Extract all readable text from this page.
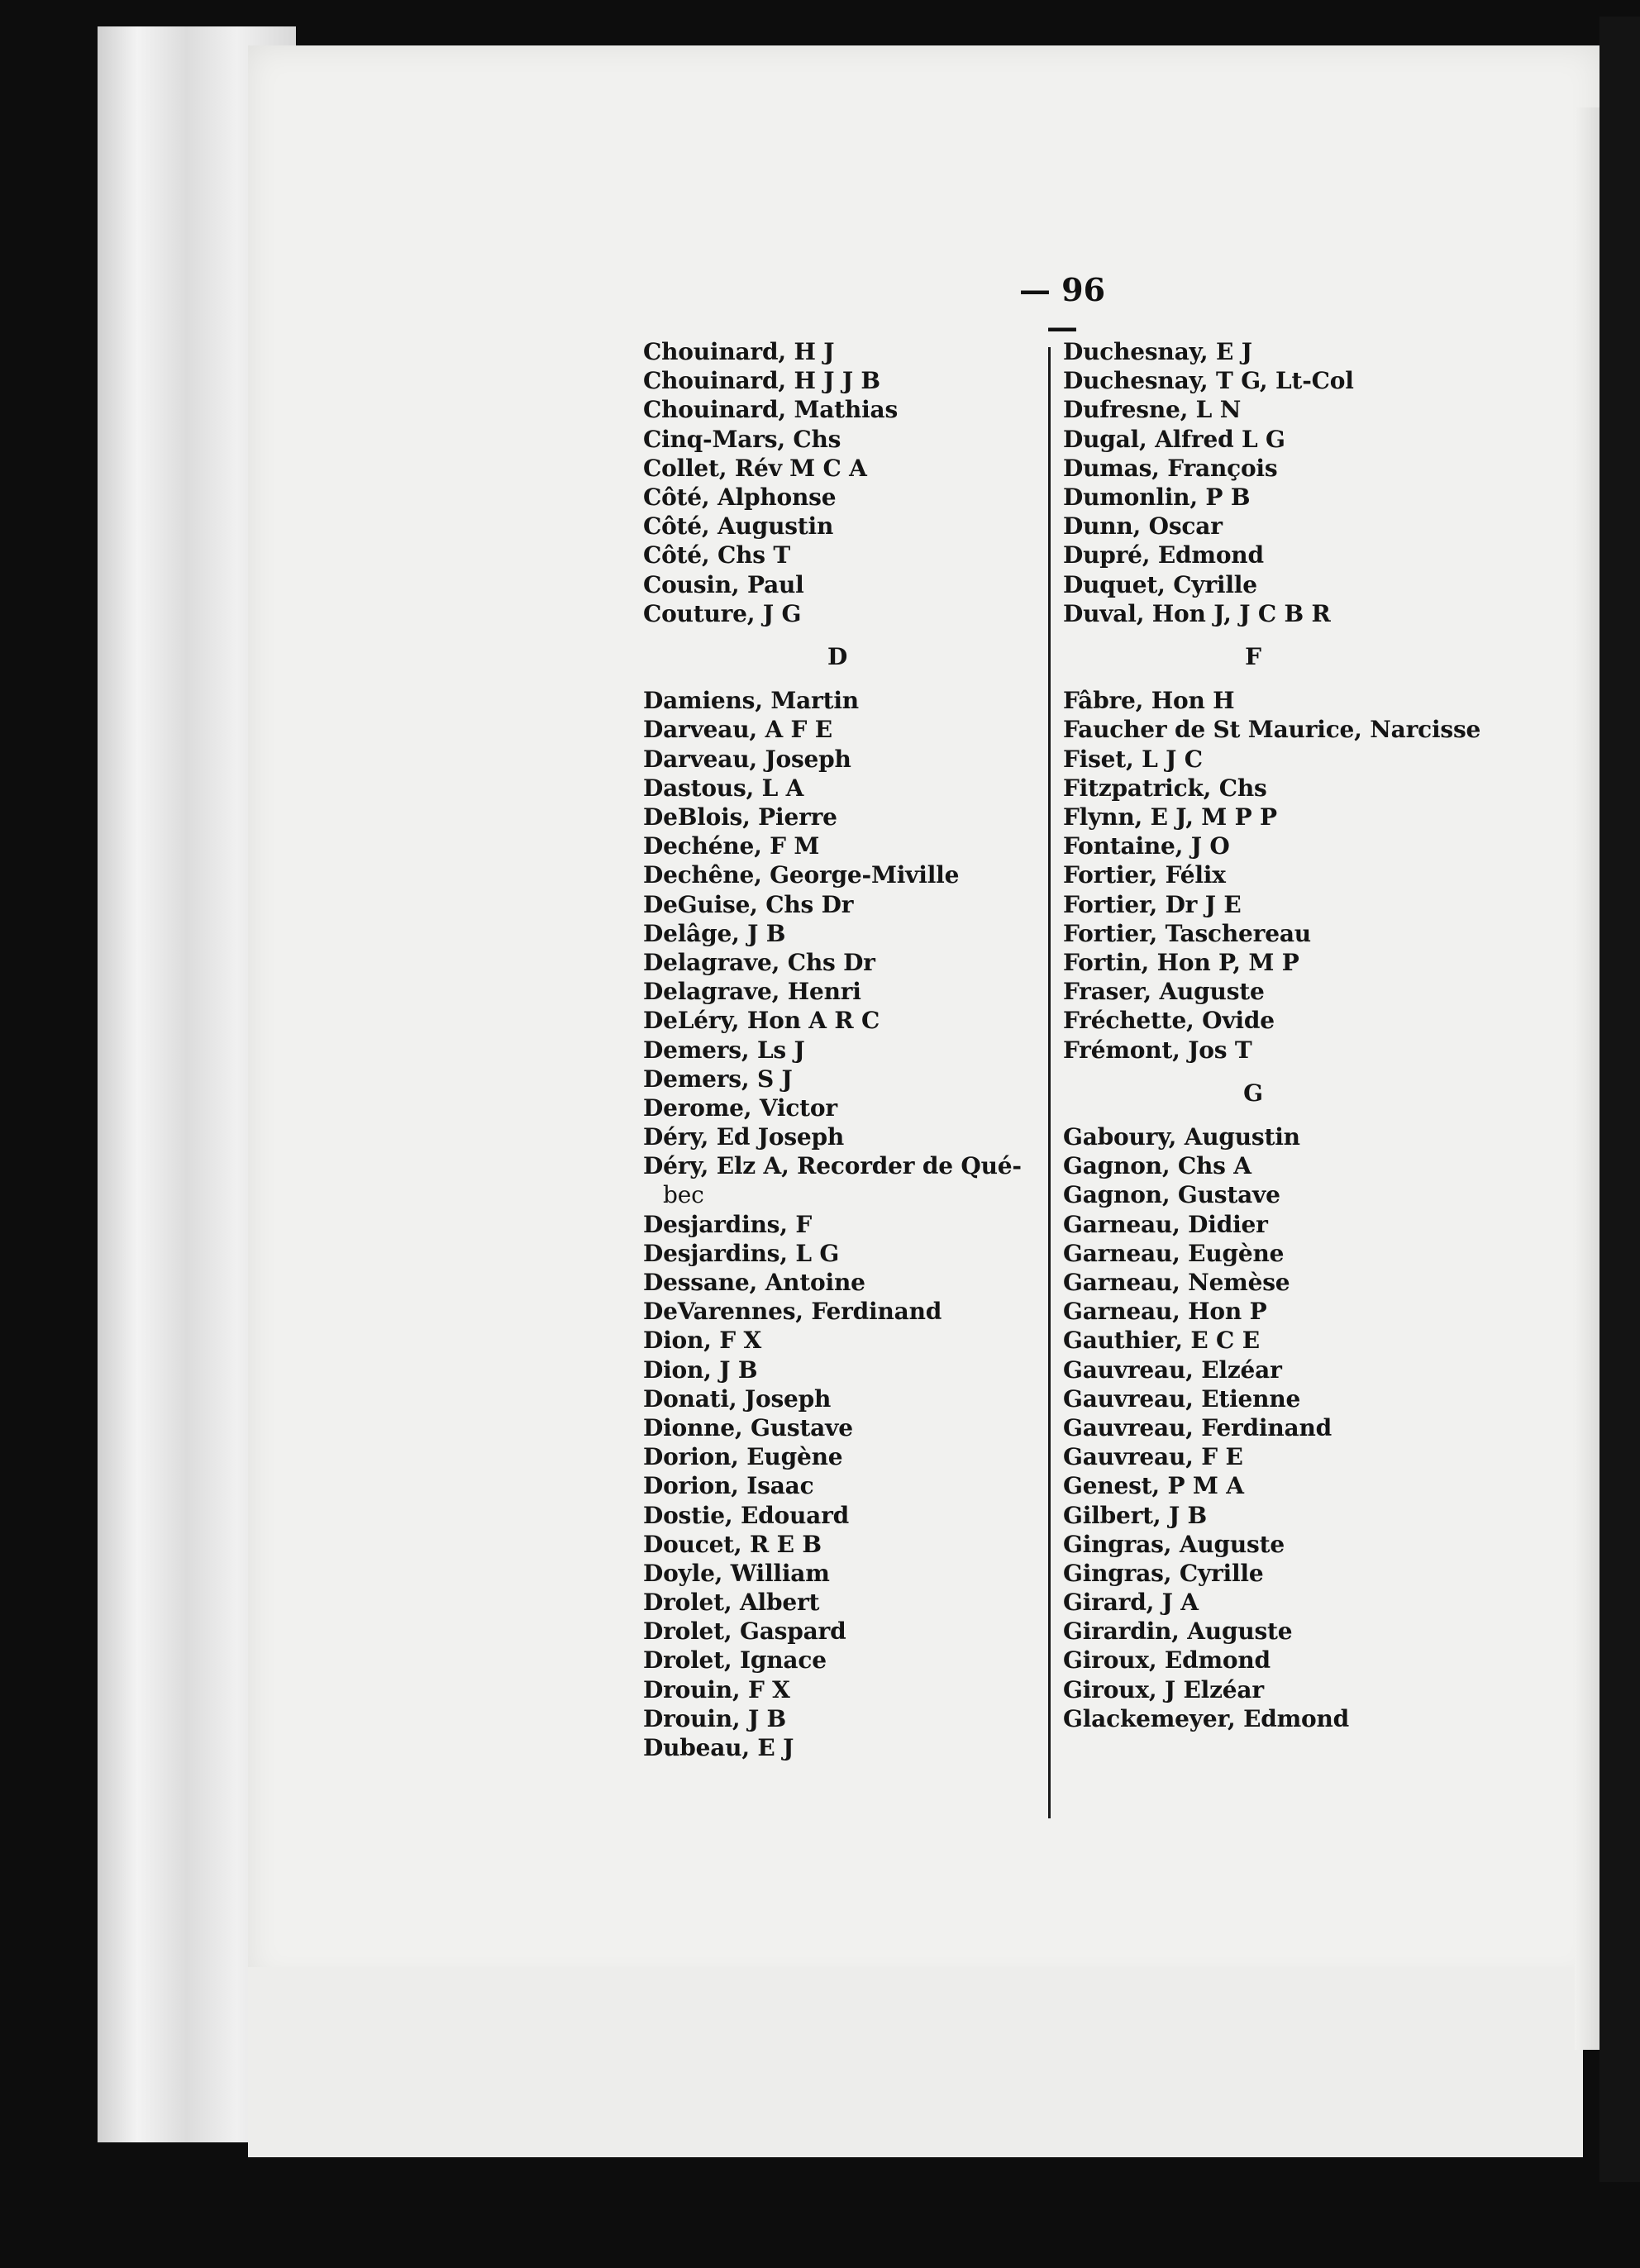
— 96 —
Chouinard, H J
Chouinard, H J J B
Chouinard, Mathias
Cinq-Mars, Chs
Collet, Rév M C A
Côté, Alphonse
Côté, Augustin
Côté, Chs T
Cousin, Paul
Couture, J G
D
Damiens, Martin
Darveau, A F E
Darveau, Joseph
Dastous, L A
DeBlois, Pierre
Dechéne, F M
Dechêne, George-Miville
DeGuise, Chs Dr
Delâge, J B
Delagrave, Chs Dr
Delagrave, Henri
DeLéry, Hon A R C
Demers, Ls J
Demers, S J
Derome, Victor
Déry, Ed Joseph
Déry, Elz A, Recorder de Qué-
bec
Desjardins, F
Desjardins, L G
Dessane, Antoine
DeVarennes, Ferdinand
Dion, F X
Dion, J B
Donati, Joseph
Dionne, Gustave
Dorion, Eugène
Dorion, Isaac
Dostie, Edouard
Doucet, R E B
Doyle, William
Drolet, Albert
Drolet, Gaspard
Drolet, Ignace
Drouin, F X
Drouin, J B
Dubeau, E J
Duchesnay, E J
Duchesnay, T G, Lt-Col
Dufresne, L N
Dugal, Alfred L G
Dumas, François
Dumonlin, P B
Dunn, Oscar
Dupré, Edmond
Duquet, Cyrille
Duval, Hon J, J C B R
F
Fâbre, Hon H
Faucher de St Maurice, Narcisse
Fiset, L J C
Fitzpatrick, Chs
Flynn, E J, M P P
Fontaine, J O
Fortier, Félix
Fortier, Dr J E
Fortier, Taschereau
Fortin, Hon P, M P
Fraser, Auguste
Fréchette, Ovide
Frémont, Jos T
G
Gaboury, Augustin
Gagnon, Chs A
Gagnon, Gustave
Garneau, Didier
Garneau, Eugène
Garneau, Nemèse
Garneau, Hon P
Gauthier, E C E
Gauvreau, Elzéar
Gauvreau, Etienne
Gauvreau, Ferdinand
Gauvreau, F E
Genest, P M A
Gilbert, J B
Gingras, Auguste
Gingras, Cyrille
Girard, J A
Girardin, Auguste
Giroux, Edmond
Giroux, J Elzéar
Glackemeyer, Edmond
